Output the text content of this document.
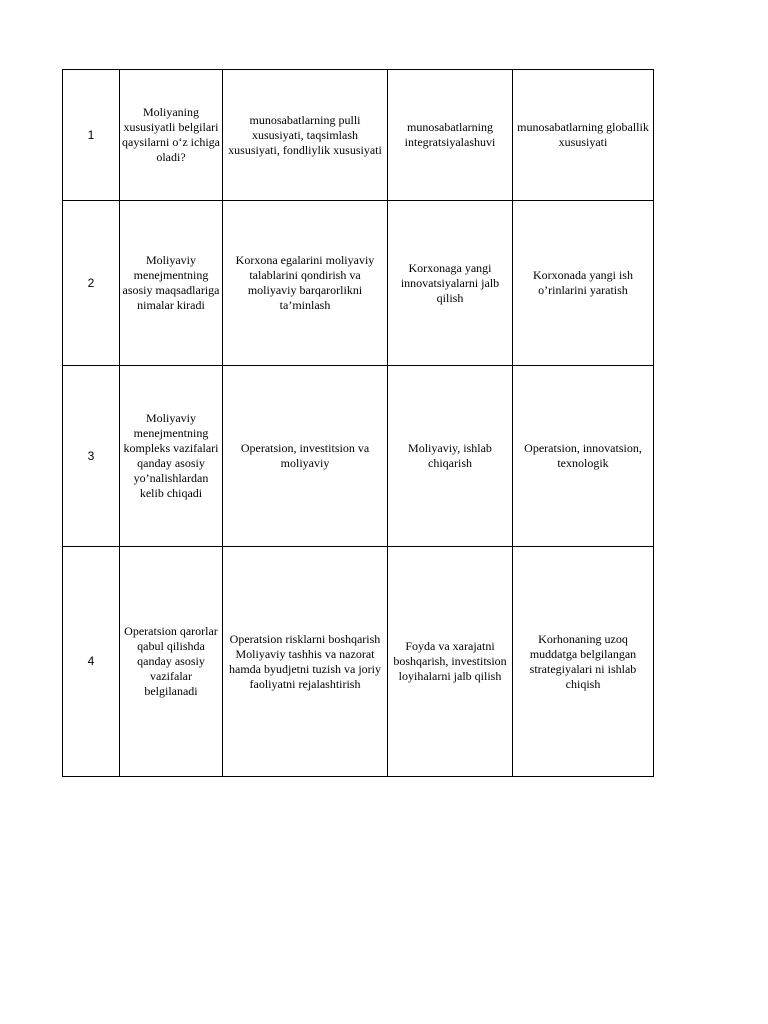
1	Moliyaning xususiyatli belgilari qaysilarni o‘z ichiga oladi?	munosabatlarning pulli xususiyati, taqsimlash xususiyati, fondliylik xususiyati	munosabatlarning integratsiyalashuvi	munosabatlarning globallik xususiyati
2	Moliyaviy menejmentning asosiy maqsadlariga nimalar kiradi	Korxona egalarini moliyaviy talablarini qondirish va moliyaviy barqarorlikni ta’minlash	Korxonaga yangi innovatsiyalarni jalb qilish	Korxonada yangi ish o’rinlarini yaratish
3	Moliyaviy menejmentning kompleks vazifalari qanday asosiy yo’nalishlardan kelib chiqadi	Operatsion, investitsion va moliyaviy	Moliyaviy, ishlab chiqarish	Operatsion, innovatsion, texnologik
4	Operatsion qarorlar qabul qilishda qanday asosiy vazifalar belgilanadi	Operatsion risklarni boshqarish Moliyaviy tashhis va nazorat hamda byudjetni tuzish va joriy faoliyatni rejalashtirish	Foyda va xarajatni boshqarish, investitsion loyihalarni jalb qilish	Korhonaning uzoq muddatga belgilangan strategiyalari ni ishlab chiqish
